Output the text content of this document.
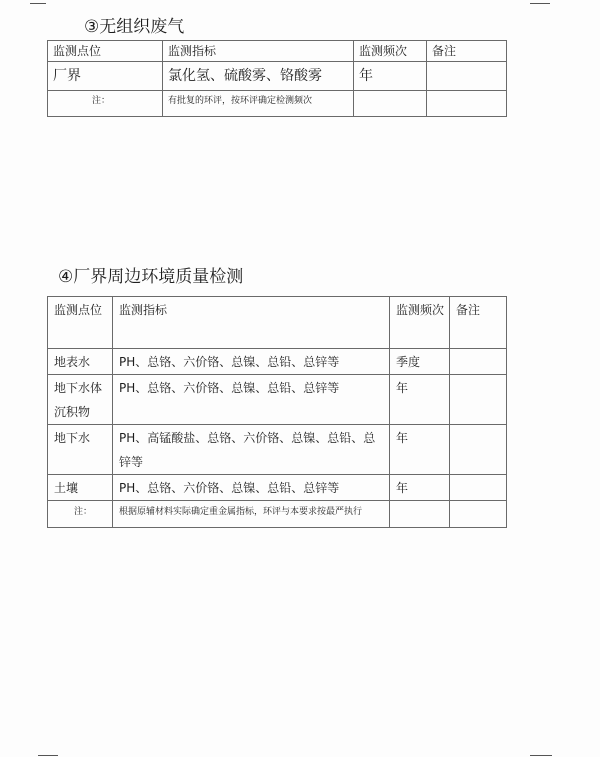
③无组织废气
监测点位	监测指标	监测频次	备注
厂界	氯化氢、硫酸雾、铬酸雾	年	
注：	有批复的环评，按环评确定检测频次		
④厂界周边环境质量检测
监测点位	监测指标	监测频次	备注
地表水	PH、总铬、六价铬、总镍、总铅、总锌等	季度	
地下水体沉积物	PH、总铬、六价铬、总镍、总铅、总锌等	年	
地下水	PH、高锰酸盐、总铬、六价铬、总镍、总铅、总锌等	年	
土壤	PH、总铬、六价铬、总镍、总铅、总锌等	年	
注：	根据原辅材料实际确定重金属指标，环评与本要求按最严执行		
